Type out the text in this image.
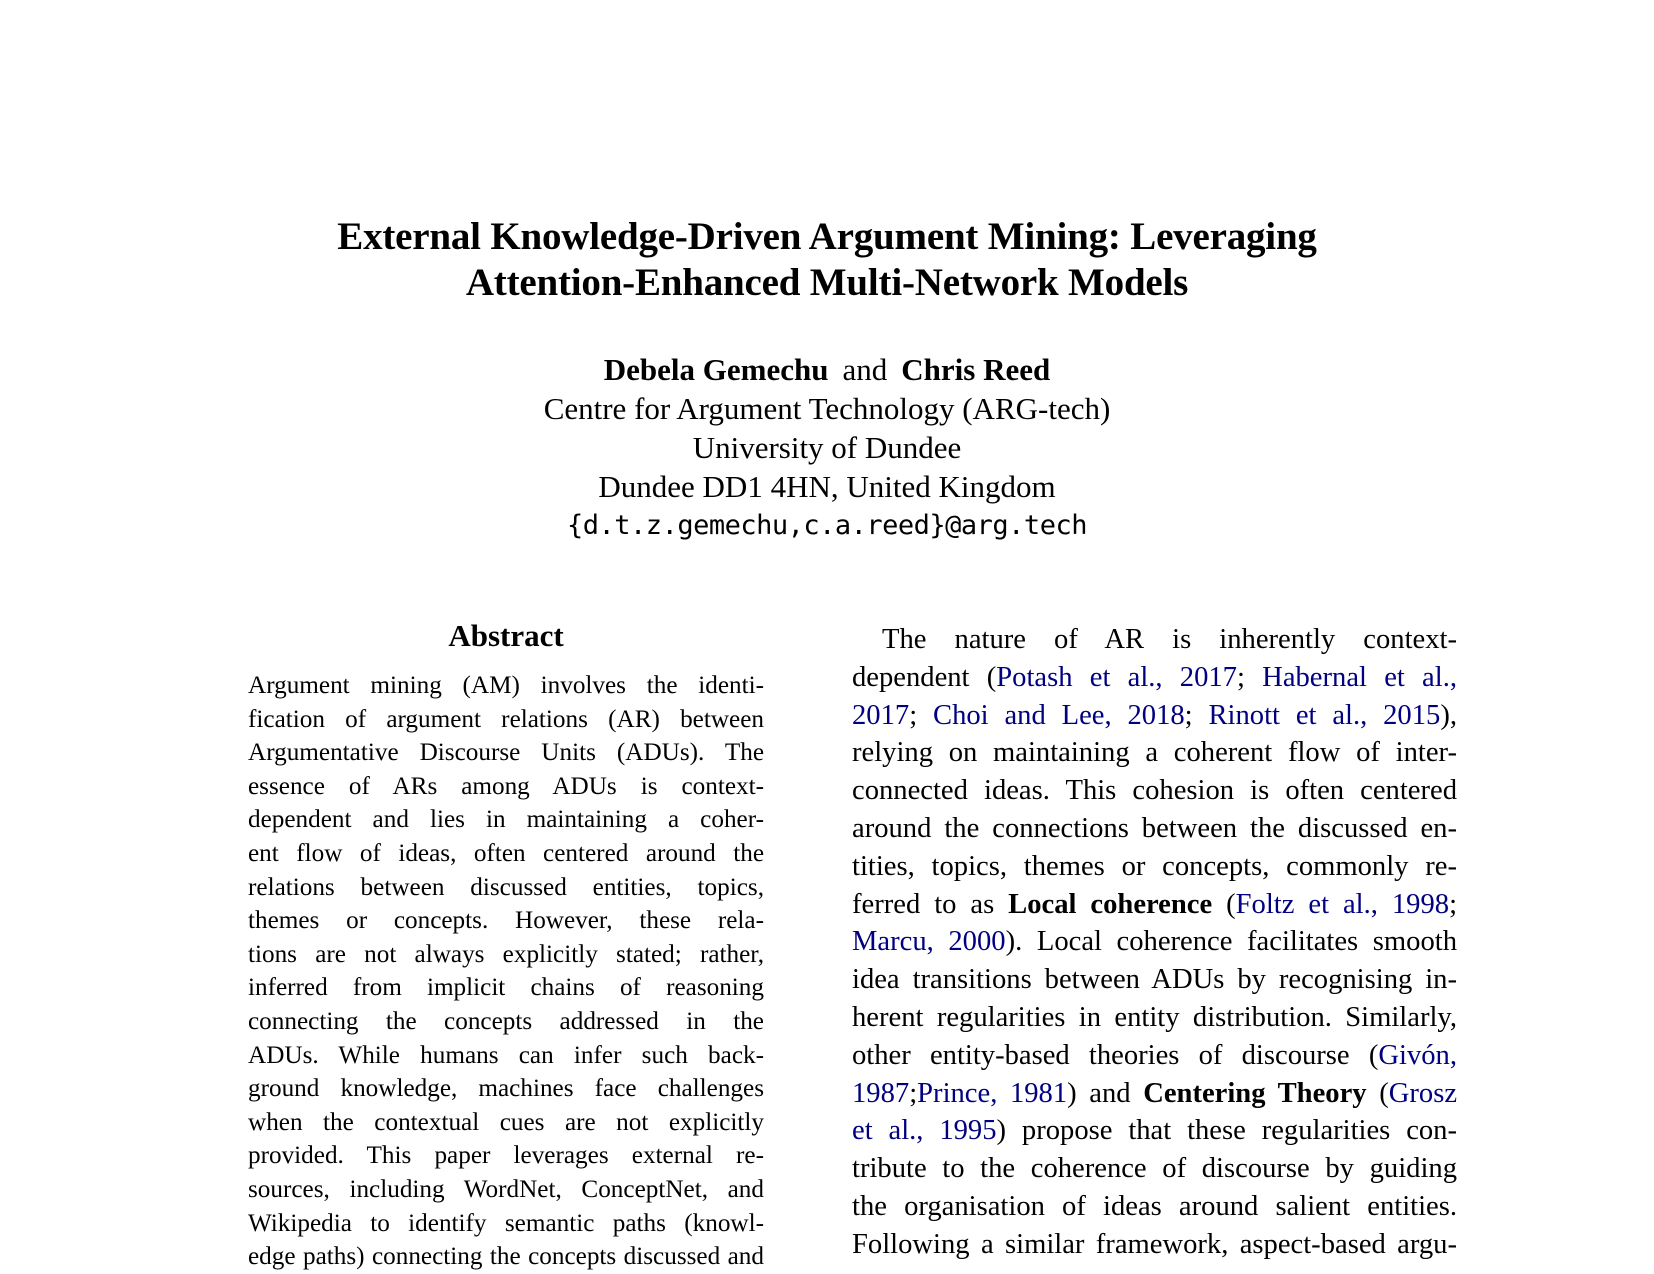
External Knowledge-Driven Argument Mining: Leveraging
Attention-Enhanced Multi-Network Models
Debela Gemechu and Chris Reed
Centre for Argument Technology (ARG-tech)
University of Dundee
Dundee DD1 4HN, United Kingdom
{d.t.z.gemechu,c.a.reed}@arg.tech
Abstract
Argument mining (AM) involves the identi-
fication of argument relations (AR) between
Argumentative Discourse Units (ADUs). The
essence of ARs among ADUs is context-
dependent and lies in maintaining a coher-
ent flow of ideas, often centered around the
relations between discussed entities, topics,
themes or concepts. However, these rela-
tions are not always explicitly stated; rather,
inferred from implicit chains of reasoning
connecting the concepts addressed in the
ADUs. While humans can infer such back-
ground knowledge, machines face challenges
when the contextual cues are not explicitly
provided. This paper leverages external re-
sources, including WordNet, ConceptNet, and
Wikipedia to identify semantic paths (knowl-
edge paths) connecting the concepts discussed and
The nature of AR is inherently context-
dependent (Potash et al., 2017; Habernal et al.,
2017; Choi and Lee, 2018; Rinott et al., 2015),
relying on maintaining a coherent flow of inter-
connected ideas. This cohesion is often centered
around the connections between the discussed en-
tities, topics, themes or concepts, commonly re-
ferred to as Local coherence (Foltz et al., 1998;
Marcu, 2000). Local coherence facilitates smooth
idea transitions between ADUs by recognising in-
herent regularities in entity distribution. Similarly,
other entity-based theories of discourse (Givón,
1987;Prince, 1981) and Centering Theory (Grosz
et al., 1995) propose that these regularities con-
tribute to the coherence of discourse by guiding
the organisation of ideas around salient entities.
Following a similar framework, aspect-based argu-
